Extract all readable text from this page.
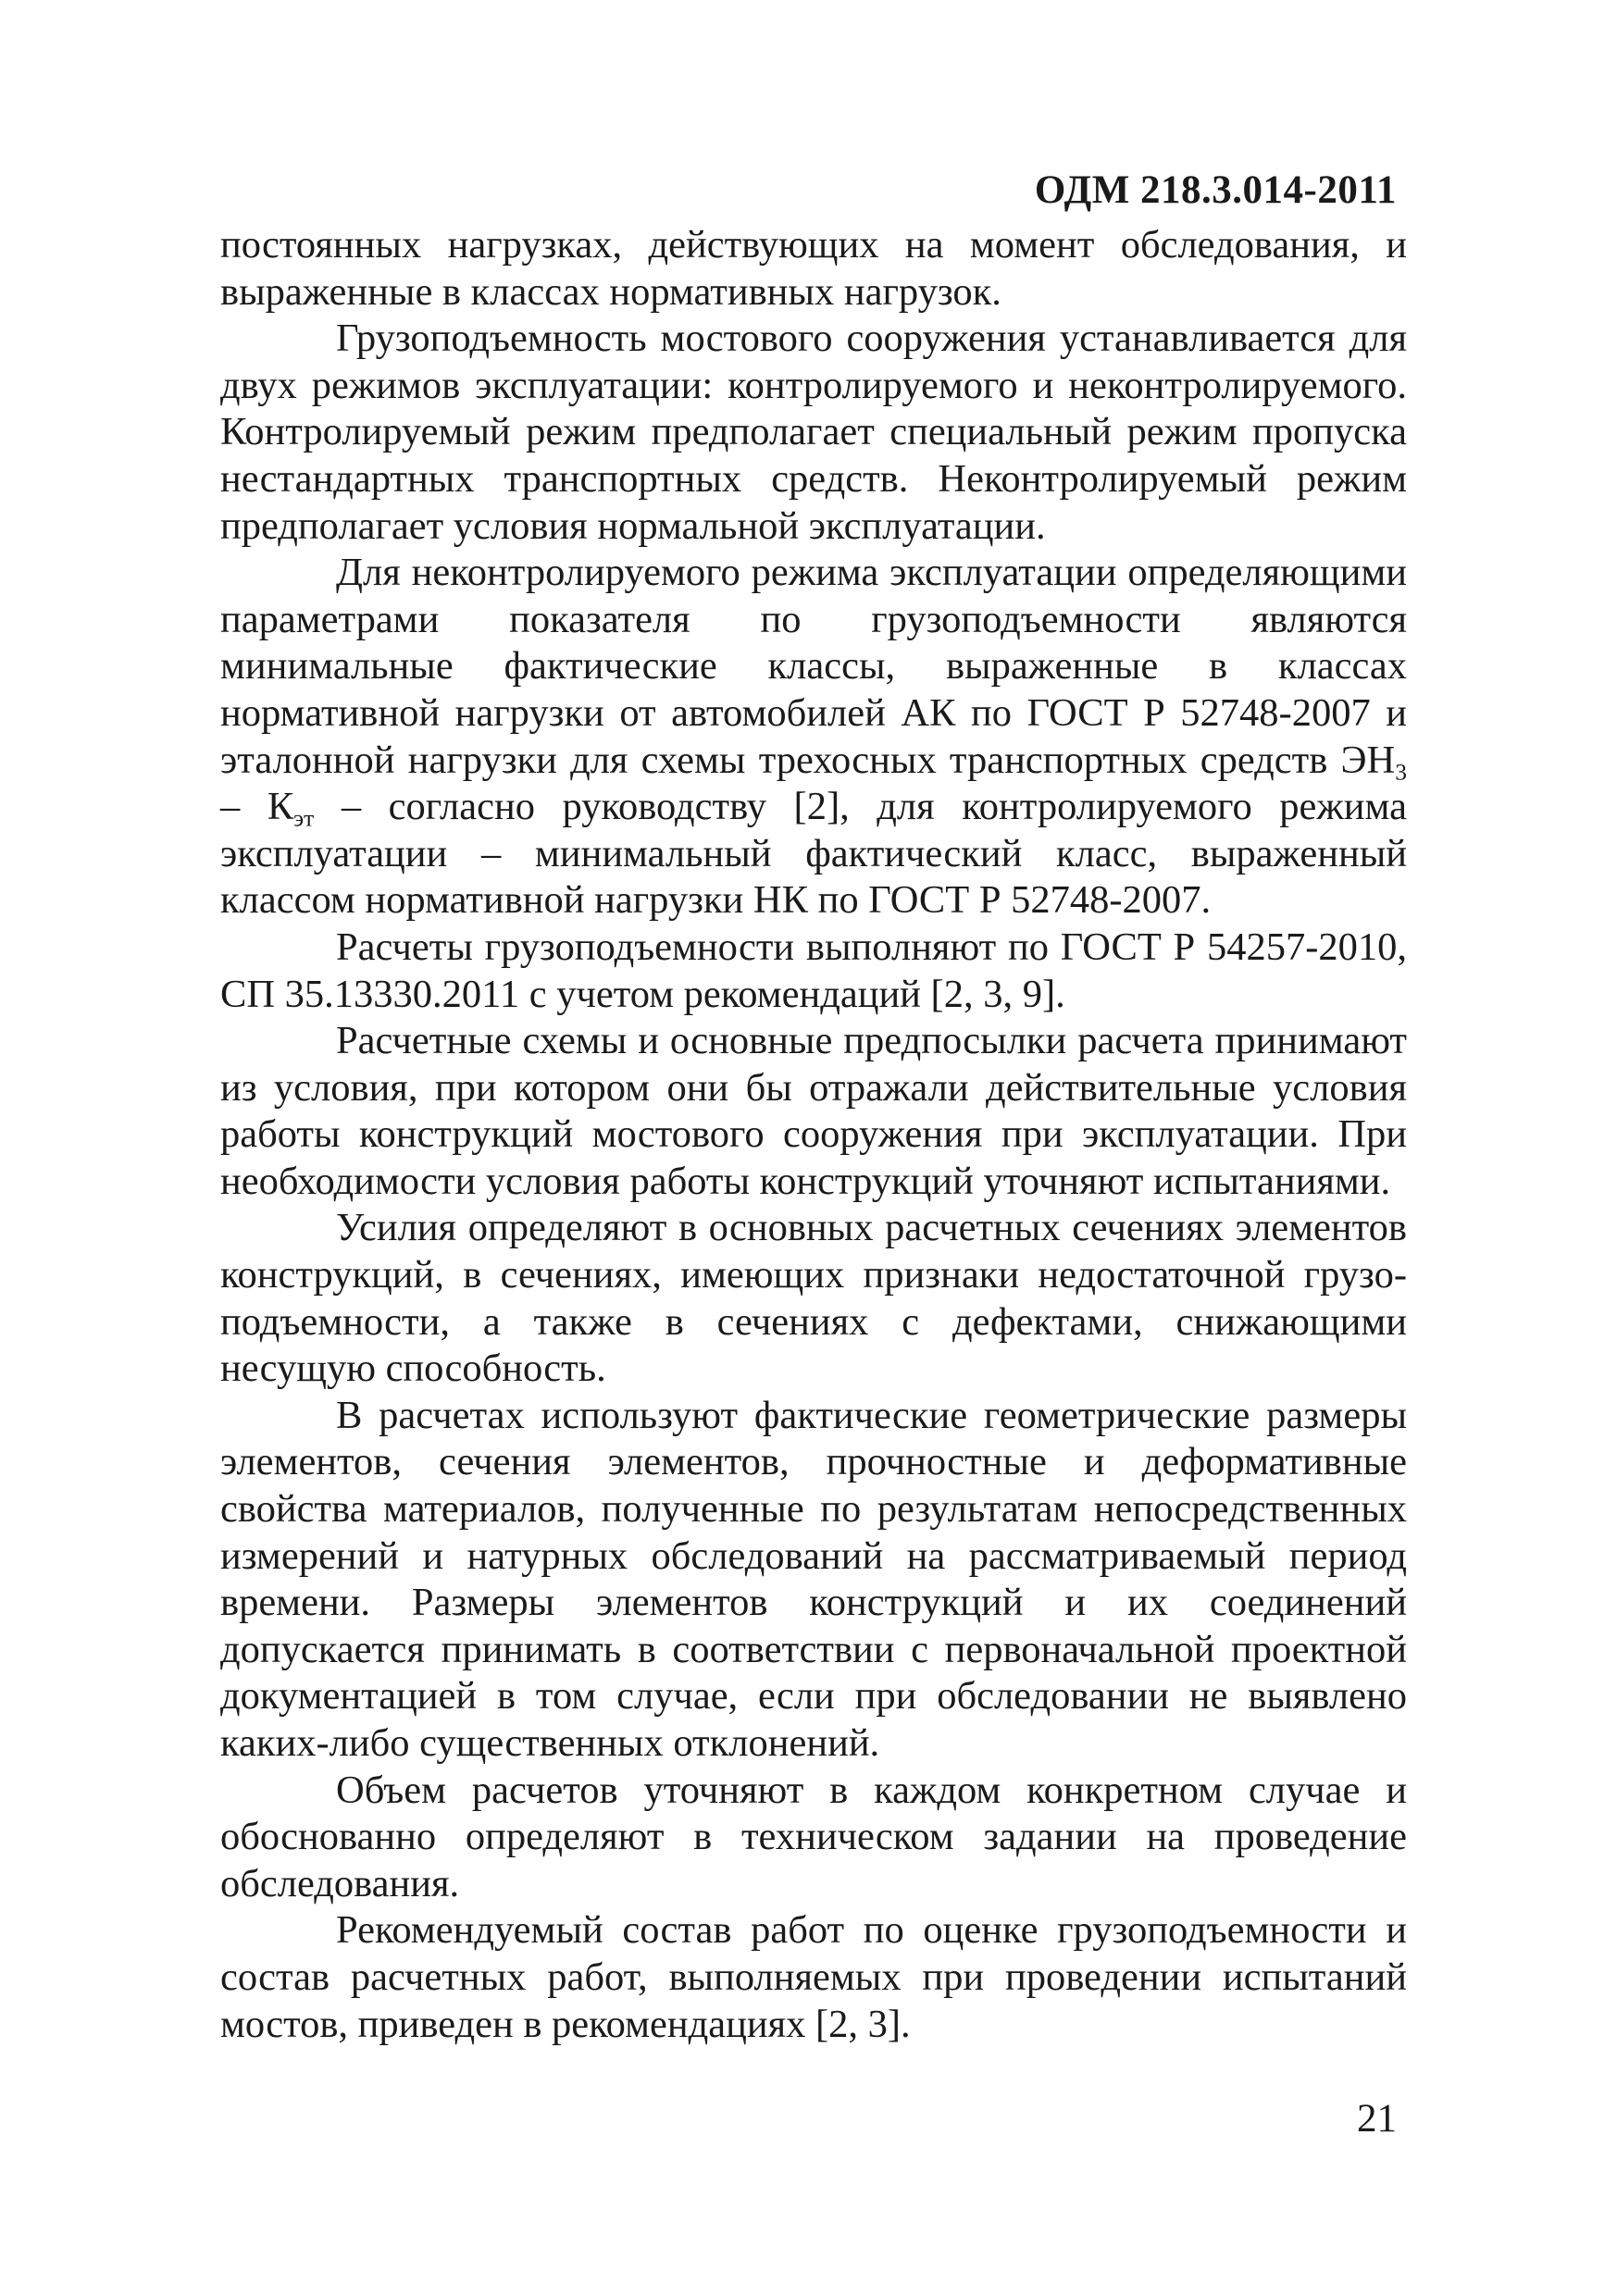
ОДМ 218.3.014-2011

постоянных нагрузках, действующих на момент обследования, и выраженные в классах нормативных нагрузок.

Грузоподъемность мостового сооружения устанавливается для двух режимов эксплуатации: контролируемого и неконтролируемого. Контролируемый режим предполагает специальный режим пропуска нестандартных транспортных средств. Неконтролируемый режим предполагает условия нормальной эксплуатации.

Для неконтролируемого режима эксплуатации определяющими параметрами показателя по грузоподъемности являются минимальные фактические классы, выраженные в классах нормативной нагрузки от автомобилей АК по ГОСТ Р 52748-2007 и эталонной нагрузки для схемы трехосных транспортных средств $ЭН_3 - К_{эт}$ – согласно руководству [2], для контролируемого режима эксплуатации – минимальный фактический класс, выраженный классом нормативной нагрузки НК по ГОСТ Р 52748-2007.

Расчеты грузоподъемности выполняют по ГОСТ Р 54257-2010, СП 35.13330.2011 с учетом рекомендаций [2, 3, 9].

Расчетные схемы и основные предпосылки расчета принимают из условия, при котором они бы отражали действительные условия работы конструкций мостового сооружения при эксплуатации. При необходимости условия работы конструкций уточняют испытаниями.

Усилия определяют в основных расчетных сечениях элементов конструкций, в сечениях, имеющих признаки недостаточной грузо-подъемности, а также в сечениях с дефектами, снижающими несущую способность.

В расчетах используют фактические геометрические размеры элементов, сечения элементов, прочностные и деформативные свойства материалов, полученные по результатам непосредственных измерений и натурных обследований на рассматриваемый период времени. Размеры элементов конструкций и их соединений допускается принимать в соответствии с первоначальной проектной документацией в том случае, если при обследовании не выявлено каких-либо существенных отклонений.

Объем расчетов уточняют в каждом конкретном случае и обоснованно определяют в техническом задании на проведение обследования.

Рекомендуемый состав работ по оценке грузоподъемности и состав расчетных работ, выполняемых при проведении испытаний мостов, приведен в рекомендациях [2, 3].

21
